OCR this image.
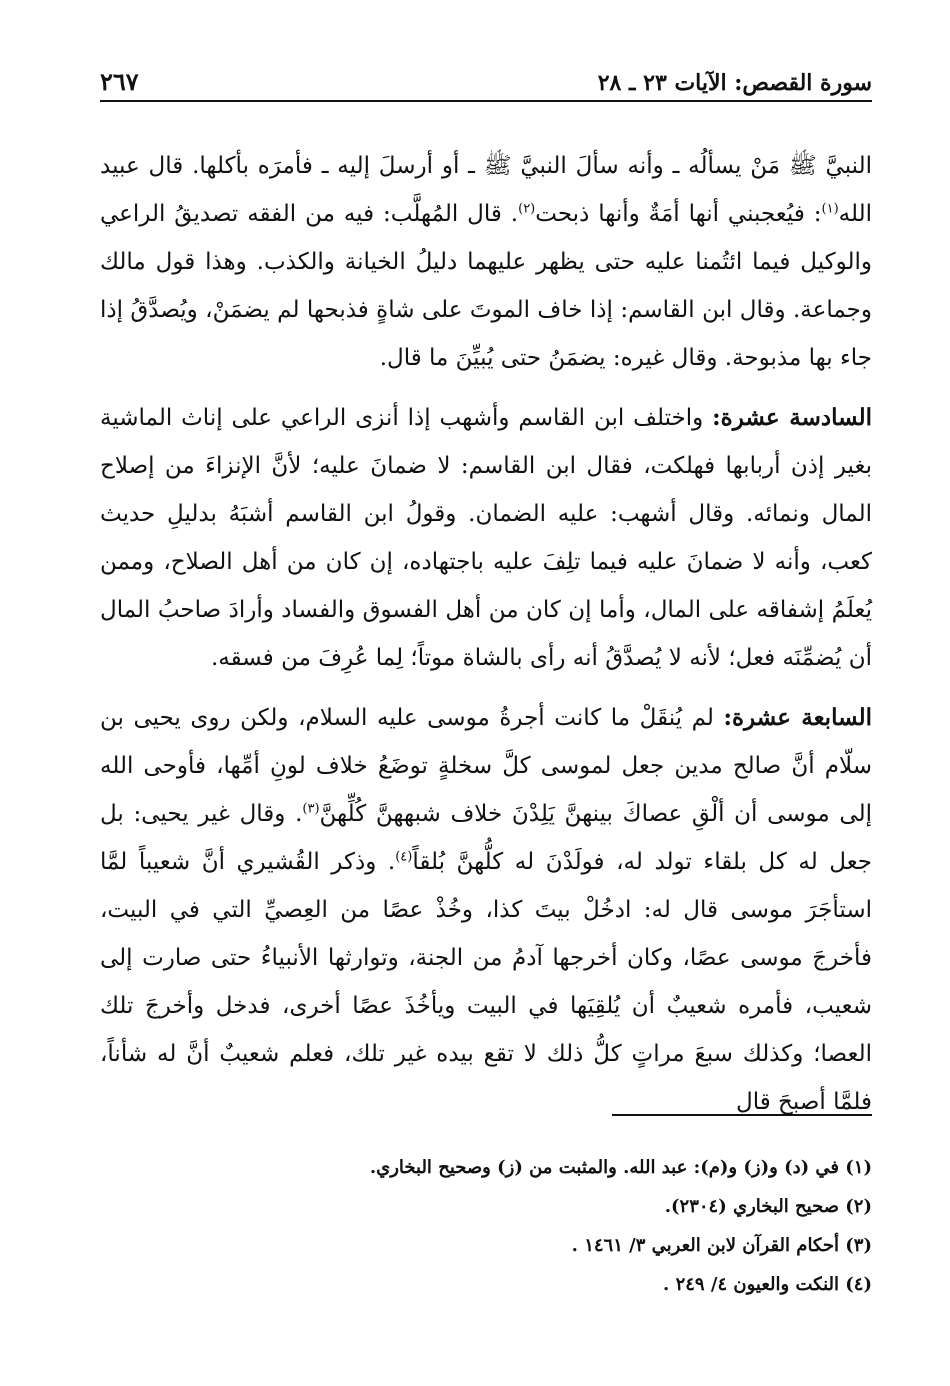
سورة القصص: الآيات ٢٣ ـ ٢٨
٢٦٧

النبيَّ ﷺ مَنْ يسألُه ـ وأنه سألَ النبيَّ ﷺ ـ أو أرسلَ إليه ـ فأمرَه بأكلها. قال عبيد الله$^{(١)}$: فيُعجبني أنها أمَةٌ وأنها ذبحت$^{(٢)}$. قال المُهلَّب: فيه من الفقه تصديقُ الراعي والوكيل فيما ائتُمنا عليه حتى يظهر عليهما دليلُ الخيانة والكذب. وهذا قول مالك وجماعة. وقال ابن القاسم: إذا خاف الموتَ على شاةٍ فذبحها لم يضمَنْ، ويُصدَّقُ إذا جاء بها مذبوحة. وقال غيره: يضمَنُ حتى يُبيِّنَ ما قال.

السادسة عشرة: واختلف ابن القاسم وأشهب إذا أنزى الراعي على إناث الماشية بغير إذن أربابها فهلكت، فقال ابن القاسم: لا ضمانَ عليه؛ لأنَّ الإنزاءَ من إصلاح المال ونمائه. وقال أشهب: عليه الضمان. وقولُ ابن القاسم أشبَهُ بدليلِ حديث كعب، وأنه لا ضمانَ عليه فيما تلِفَ عليه باجتهاده، إن كان من أهل الصلاح، وممن يُعلَمُ إشفاقه على المال، وأما إن كان من أهل الفسوق والفساد وأرادَ صاحبُ المال أن يُضمِّنَه فعل؛ لأنه لا يُصدَّقُ أنه رأى بالشاة موتاً؛ لِما عُرِفَ من فسقه.

السابعة عشرة: لم يُنقَلْ ما كانت أجرةُ موسى عليه السلام، ولكن روى يحيى بن سلّام أنَّ صالح مدين جعل لموسى كلَّ سخلةٍ توضَعُ خلاف لونِ أمِّها، فأوحى الله إلى موسى أن ألْقِ عصاكَ بينهنَّ يَلِدْنَ خلاف شبههنَّ كُلِّهنَّ$^{(٣)}$. وقال غير يحيى: بل جعل له كل بلقاء تولد له، فولَدْنَ له كلُّهنَّ بُلقاً$^{(٤)}$. وذكر القُشيري أنَّ شعيباً لمَّا استأجَرَ موسى قال له: ادخُلْ بيتَ كذا، وخُذْ عصًا من العِصيِّ التي في البيت، فأخرجَ موسى عصًا، وكان أخرجها آدمُ من الجنة، وتوارثها الأنبياءُ حتى صارت إلى شعيب، فأمره شعيبٌ أن يُلقِيَها في البيت ويأخُذَ عصًا أخرى، فدخل وأخرجَ تلك العصا؛ وكذلك سبعَ مراتٍ كلُّ ذلك لا تقع بيده غير تلك، فعلم شعيبٌ أنَّ له شأناً، فلمَّا أصبحَ قال

(١) في (د) و(ز) و(م): عبد الله. والمثبت من (ز) وصحيح البخاري.
(٢) صحيح البخاري (٢٣٠٤).
(٣) أحكام القرآن لابن العربي ٣/ ١٤٦١ .
(٤) النكت والعيون ٤/ ٢٤٩ .
